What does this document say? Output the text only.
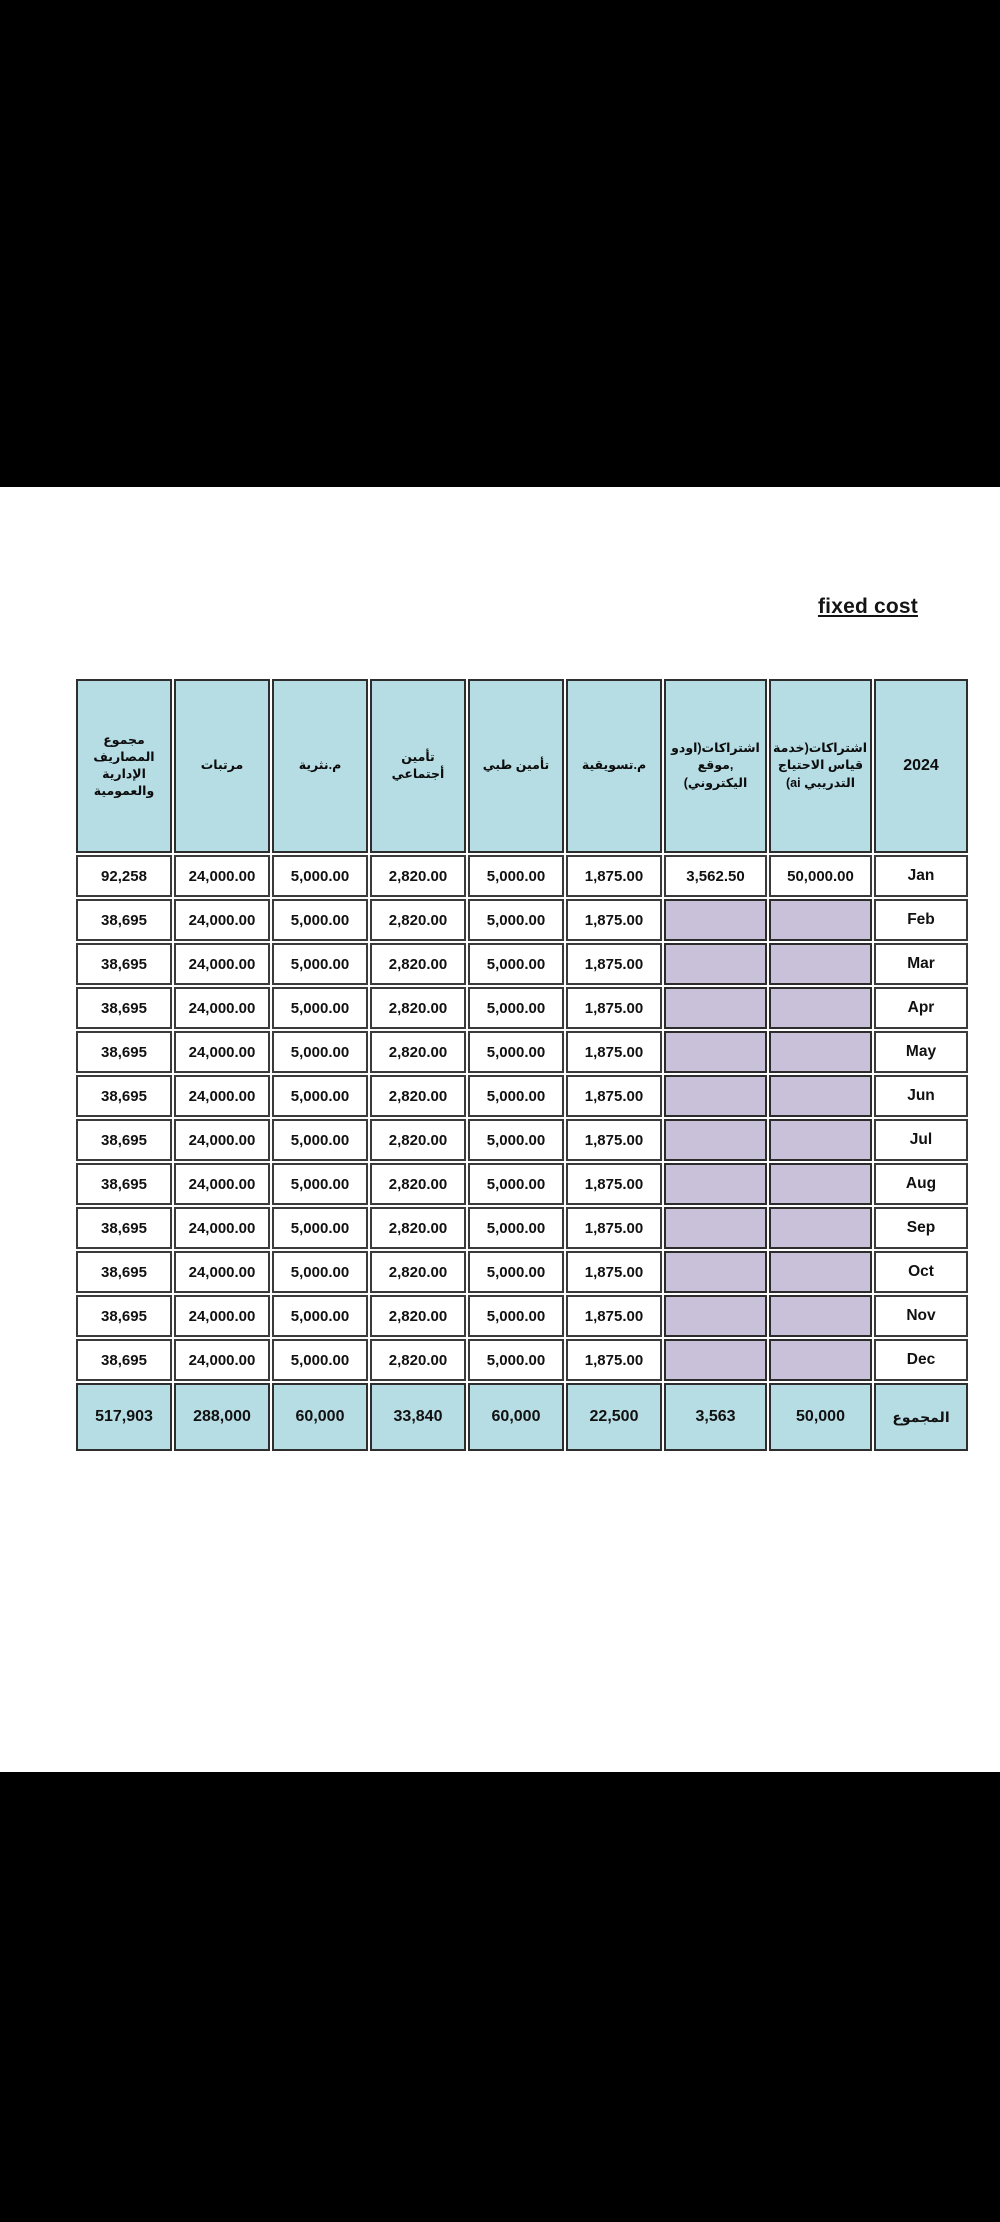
fixed cost
مجموع المصاريف الإدارية والعمومية	مرتبات	م.نثرية	تأمين أجتماعي	تأمين طبي	م.تسويقية	اشتراكات(اودو ,موقع اليكتروني)	اشتراكات(خدمة قياس الاحتياج التدريبي ai)	2024
92,258	24,000.00	5,000.00	2,820.00	5,000.00	1,875.00	3,562.50	50,000.00	Jan
38,695	24,000.00	5,000.00	2,820.00	5,000.00	1,875.00			Feb
38,695	24,000.00	5,000.00	2,820.00	5,000.00	1,875.00			Mar
38,695	24,000.00	5,000.00	2,820.00	5,000.00	1,875.00			Apr
38,695	24,000.00	5,000.00	2,820.00	5,000.00	1,875.00			May
38,695	24,000.00	5,000.00	2,820.00	5,000.00	1,875.00			Jun
38,695	24,000.00	5,000.00	2,820.00	5,000.00	1,875.00			Jul
38,695	24,000.00	5,000.00	2,820.00	5,000.00	1,875.00			Aug
38,695	24,000.00	5,000.00	2,820.00	5,000.00	1,875.00			Sep
38,695	24,000.00	5,000.00	2,820.00	5,000.00	1,875.00			Oct
38,695	24,000.00	5,000.00	2,820.00	5,000.00	1,875.00			Nov
38,695	24,000.00	5,000.00	2,820.00	5,000.00	1,875.00			Dec
517,903	288,000	60,000	33,840	60,000	22,500	3,563	50,000	المجموع
